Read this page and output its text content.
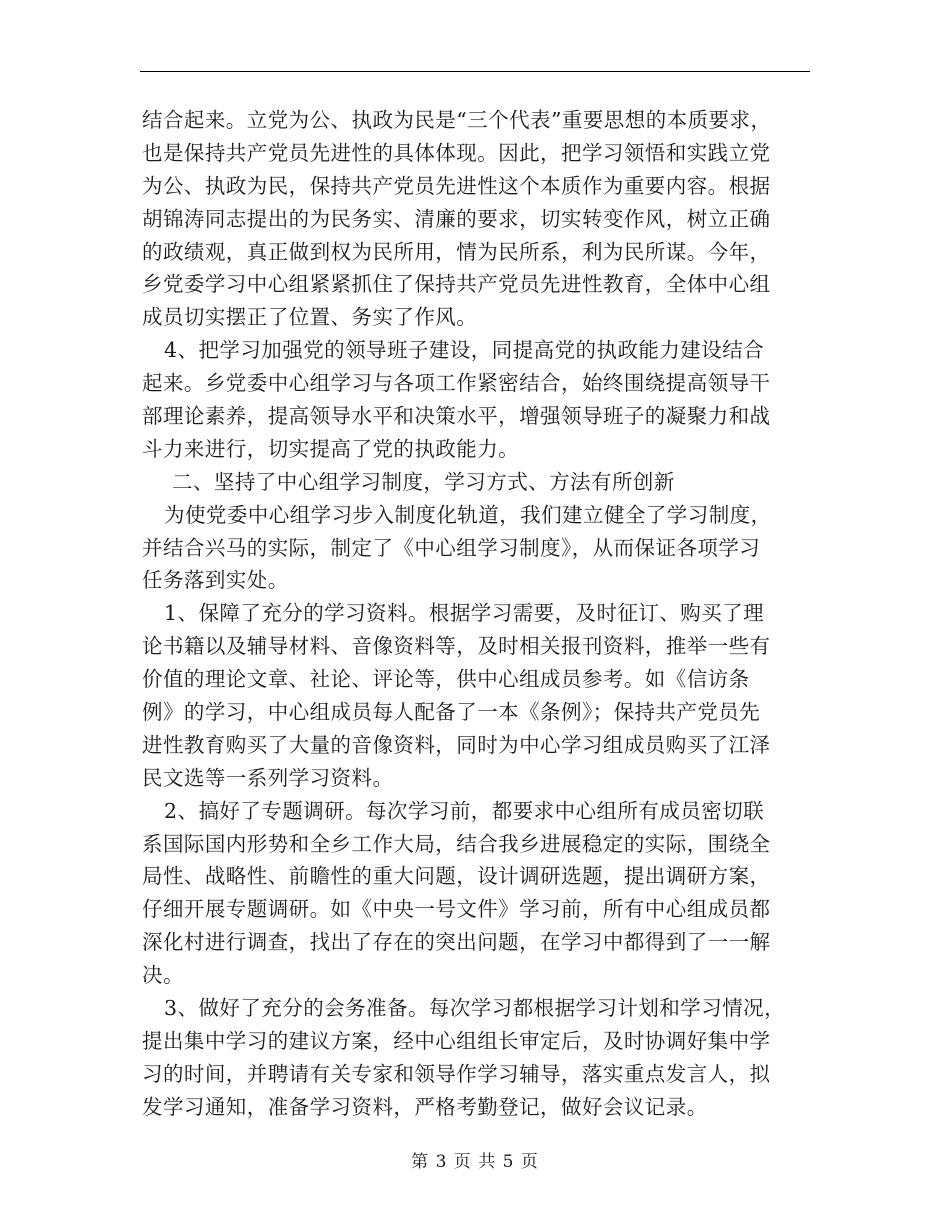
结合起来。立党为公、执政为民是“三个代表”重要思想的本质要求，
也是保持共产党员先进性的具体体现。因此，把学习领悟和实践立党
为公、执政为民，保持共产党员先进性这个本质作为重要内容。根据
胡锦涛同志提出的为民务实、清廉的要求，切实转变作风，树立正确
的政绩观，真正做到权为民所用，情为民所系，利为民所谋。今年，
乡党委学习中心组紧紧抓住了保持共产党员先进性教育，全体中心组
成员切实摆正了位置、务实了作风。
4、把学习加强党的领导班子建设，同提高党的执政能力建设结合
起来。乡党委中心组学习与各项工作紧密结合，始终围绕提高领导干
部理论素养，提高领导水平和决策水平，增强领导班子的凝聚力和战
斗力来进行，切实提高了党的执政能力。
二、坚持了中心组学习制度，学习方式、方法有所创新
为使党委中心组学习步入制度化轨道，我们建立健全了学习制度，
并结合兴马的实际，制定了《中心组学习制度》，从而保证各项学习
任务落到实处。
1、保障了充分的学习资料。根据学习需要，及时征订、购买了理
论书籍以及辅导材料、音像资料等，及时相关报刊资料，推举一些有
价值的理论文章、社论、评论等，供中心组成员参考。如《信访条
例》的学习，中心组成员每人配备了一本《条例》；保持共产党员先
进性教育购买了大量的音像资料，同时为中心学习组成员购买了江泽
民文选等一系列学习资料。
2、搞好了专题调研。每次学习前，都要求中心组所有成员密切联
系国际国内形势和全乡工作大局，结合我乡进展稳定的实际，围绕全
局性、战略性、前瞻性的重大问题，设计调研选题，提出调研方案，
仔细开展专题调研。如《中央一号文件》学习前，所有中心组成员都
深化村进行调查，找出了存在的突出问题，在学习中都得到了一一解
决。
3、做好了充分的会务准备。每次学习都根据学习计划和学习情况，
提出集中学习的建议方案，经中心组组长审定后，及时协调好集中学
习的时间，并聘请有关专家和领导作学习辅导，落实重点发言人，拟
发学习通知，准备学习资料，严格考勤登记，做好会议记录。
第 3 页 共 5 页
